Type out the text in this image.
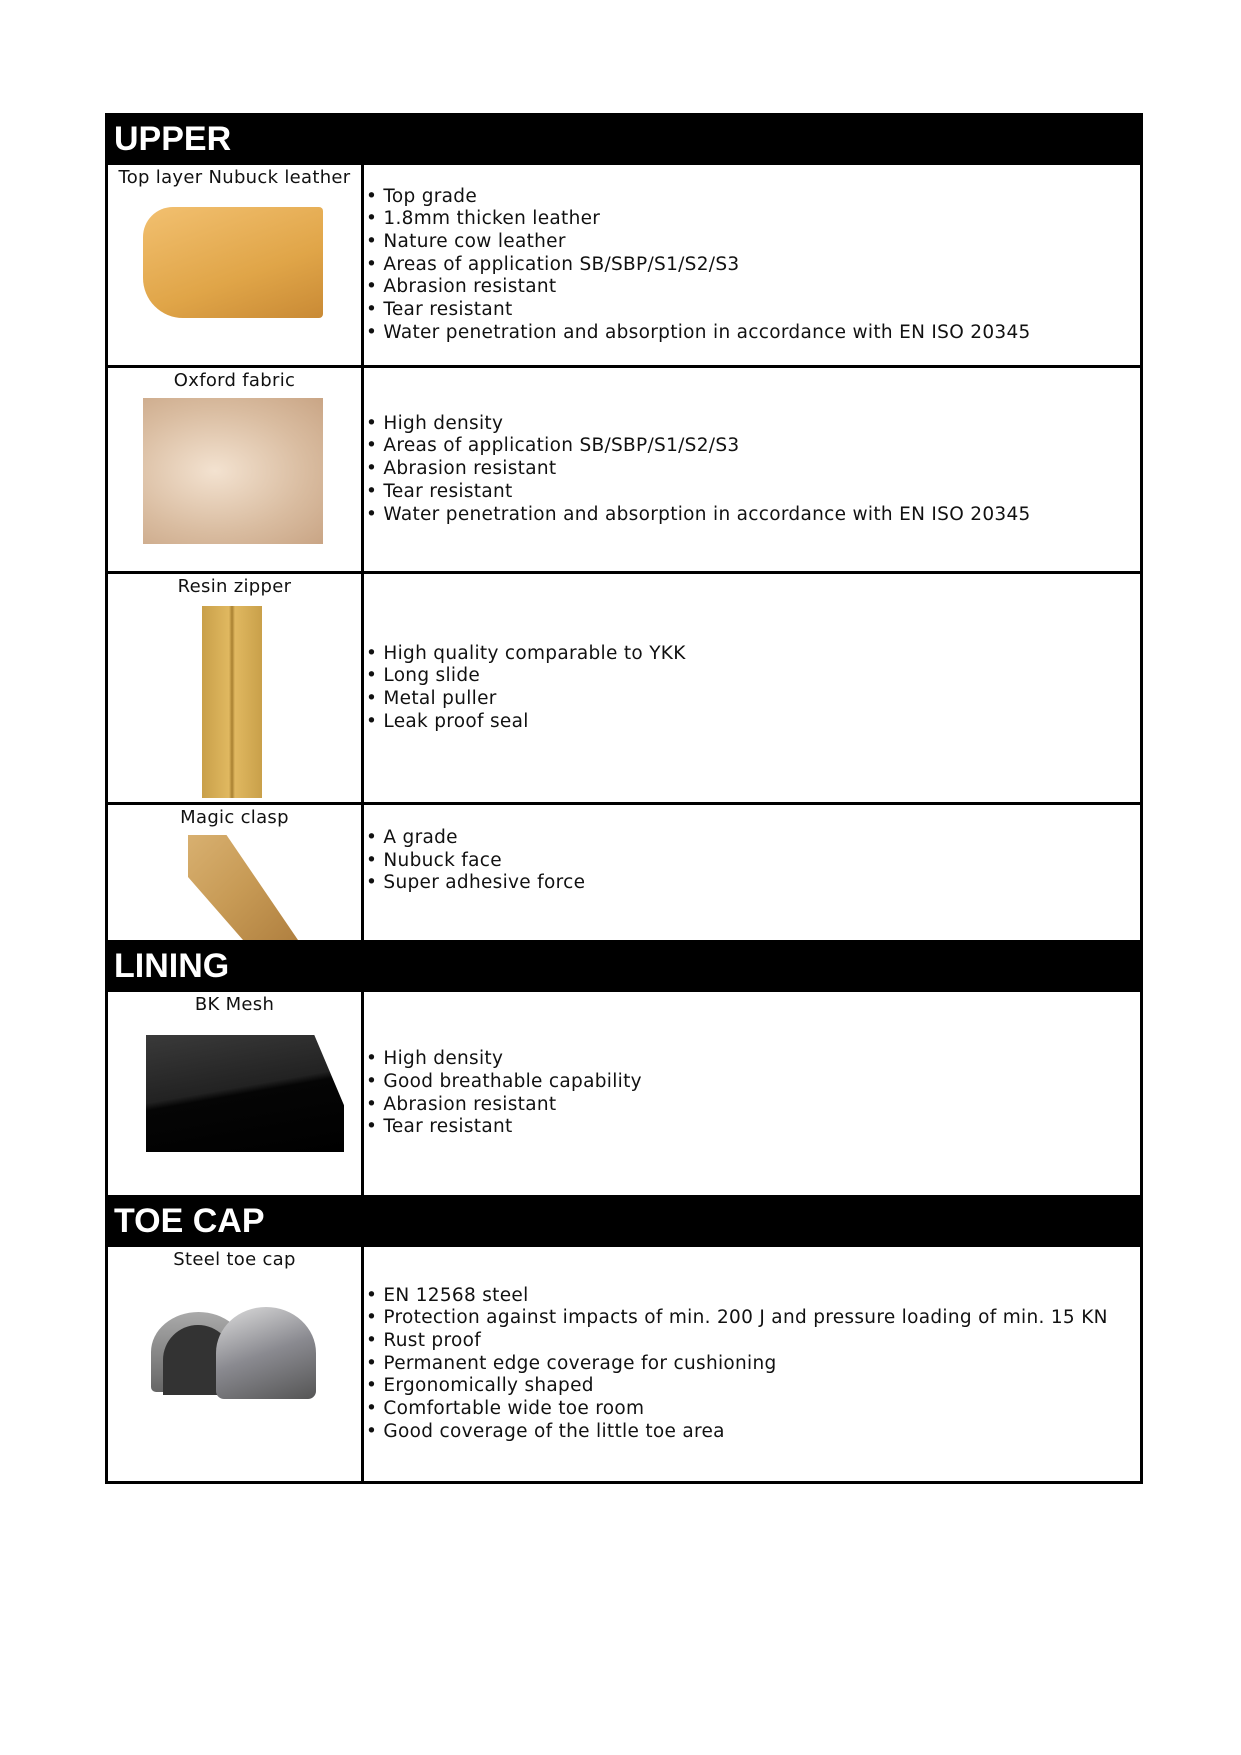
UPPER
Top layer Nubuck leather
• Top grade
• 1.8mm thicken leather
• Nature cow leather
• Areas of application SB/SBP/S1/S2/S3
• Abrasion resistant
• Tear resistant
• Water penetration and absorption in accordance with EN ISO 20345
Oxford fabric
• High density
• Areas of application SB/SBP/S1/S2/S3
• Abrasion resistant
• Tear resistant
• Water penetration and absorption in accordance with EN ISO 20345
Resin zipper
• High quality comparable to YKK
• Long slide
• Metal puller
• Leak proof seal
Magic clasp
• A grade
• Nubuck face
• Super adhesive force
LINING
BK Mesh
• High density
• Good breathable capability
• Abrasion resistant
• Tear resistant
TOE CAP
Steel toe cap
• EN 12568 steel
• Protection against impacts of min. 200 J and pressure loading of min. 15 KN
• Rust proof
• Permanent edge coverage for cushioning
• Ergonomically shaped
• Comfortable wide toe room
• Good coverage of the little toe area
